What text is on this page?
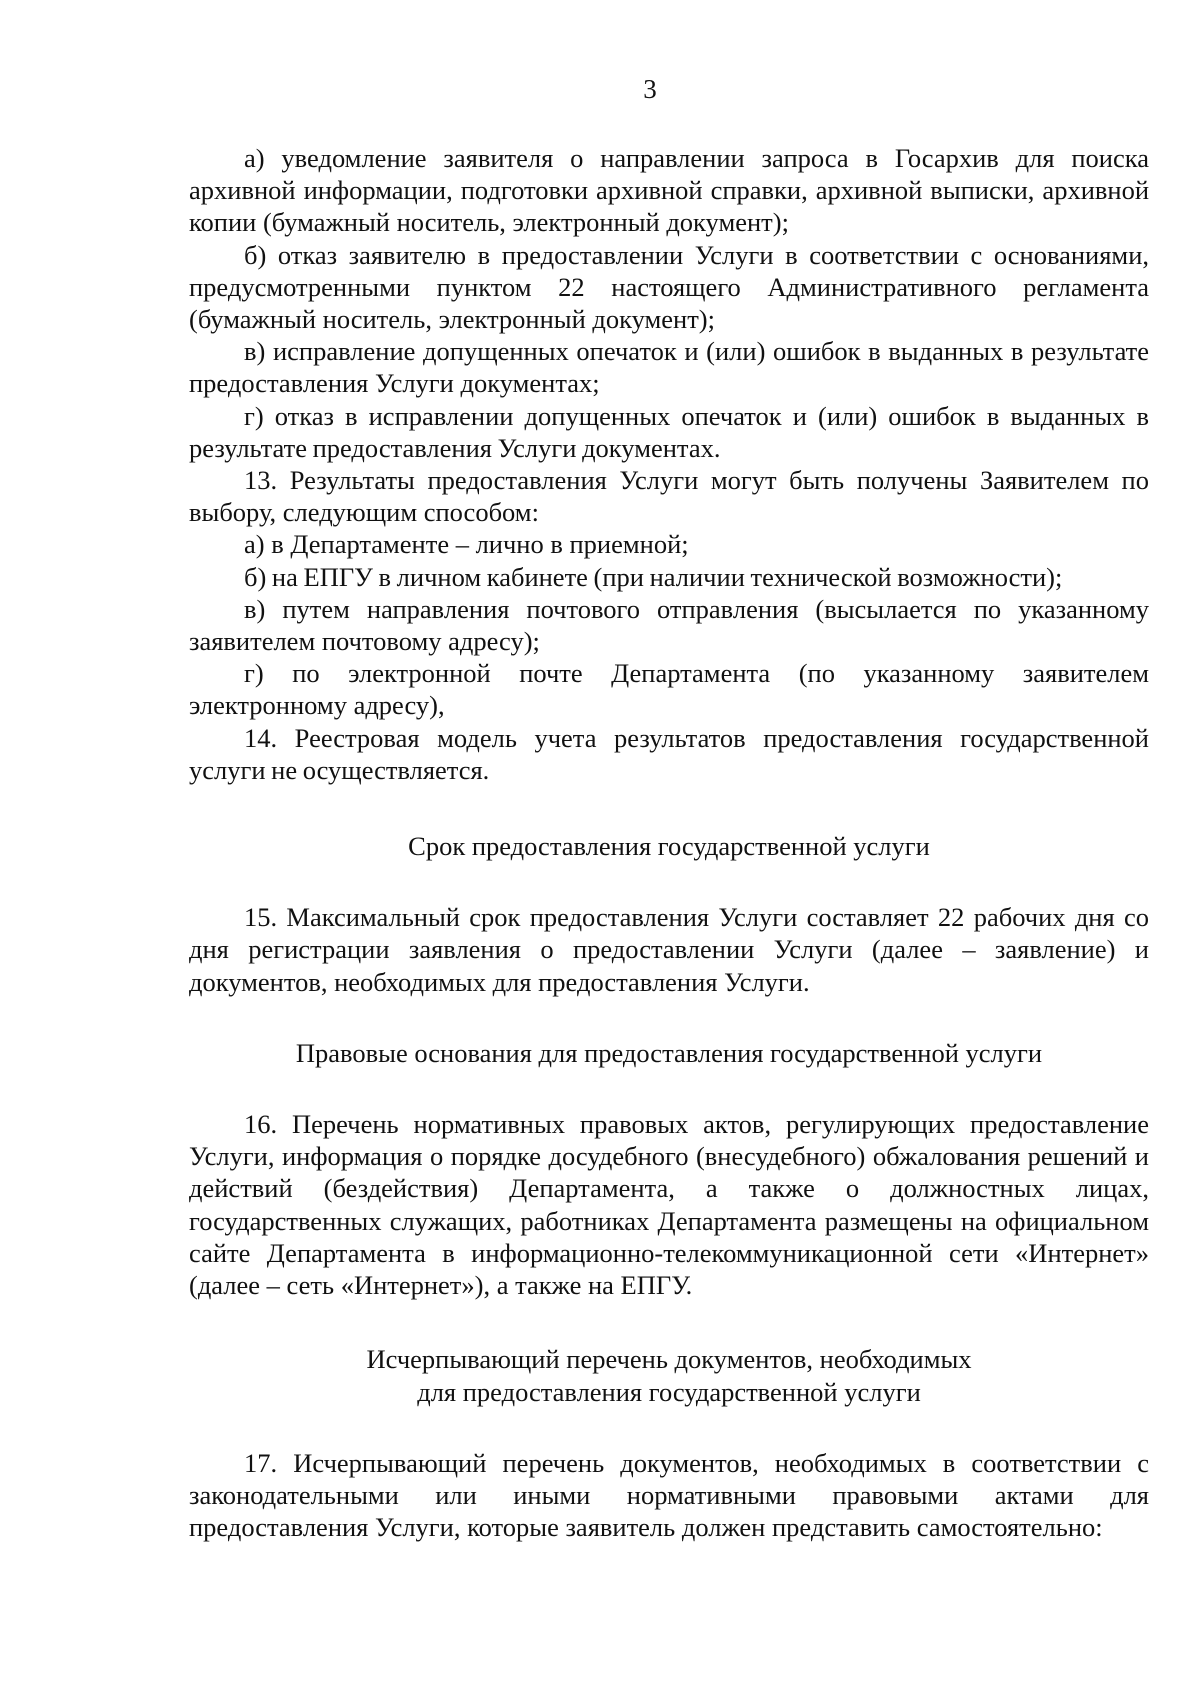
3

а) уведомление заявителя о направлении запроса в Госархив для поиска архивной информации, подготовки архивной справки, архивной выписки, архивной копии (бумажный носитель, электронный документ);

б) отказ заявителю в предоставлении Услуги в соответствии с основаниями, предусмотренными пунктом 22 настоящего Административного регламента (бумажный носитель, электронный документ);

в) исправление допущенных опечаток и (или) ошибок в выданных в результате предоставления Услуги документах;

г) отказ в исправлении допущенных опечаток и (или) ошибок в выданных в результате предоставления Услуги документах.

13. Результаты предоставления Услуги могут быть получены Заявителем по выбору, следующим способом:

а) в Департаменте – лично в приемной;

б) на ЕПГУ в личном кабинете (при наличии технической возможности);

в) путем направления почтового отправления (высылается по указанному заявителем почтовому адресу);

г) по электронной почте Департамента (по указанному заявителем электронному адресу),

14. Реестровая модель учета результатов предоставления государственной услуги не осуществляется.

Срок предоставления государственной услуги

15. Максимальный срок предоставления Услуги составляет 22 рабочих дня со дня регистрации заявления о предоставлении Услуги (далее – заявление) и документов, необходимых для предоставления Услуги.

Правовые основания для предоставления государственной услуги

16. Перечень нормативных правовых актов, регулирующих предоставление Услуги, информация о порядке досудебного (внесудебного) обжалования решений и действий (бездействия) Департамента, а также о должностных лицах, государственных служащих, работниках Департамента размещены на официальном сайте Департамента в информационно-телекоммуникационной сети «Интернет» (далее – сеть «Интернет»), а также на ЕПГУ.

Исчерпывающий перечень документов, необходимых
для предоставления государственной услуги

17. Исчерпывающий перечень документов, необходимых в соответствии с законодательными или иными нормативными правовыми актами для предоставления Услуги, которые заявитель должен представить самостоятельно:
